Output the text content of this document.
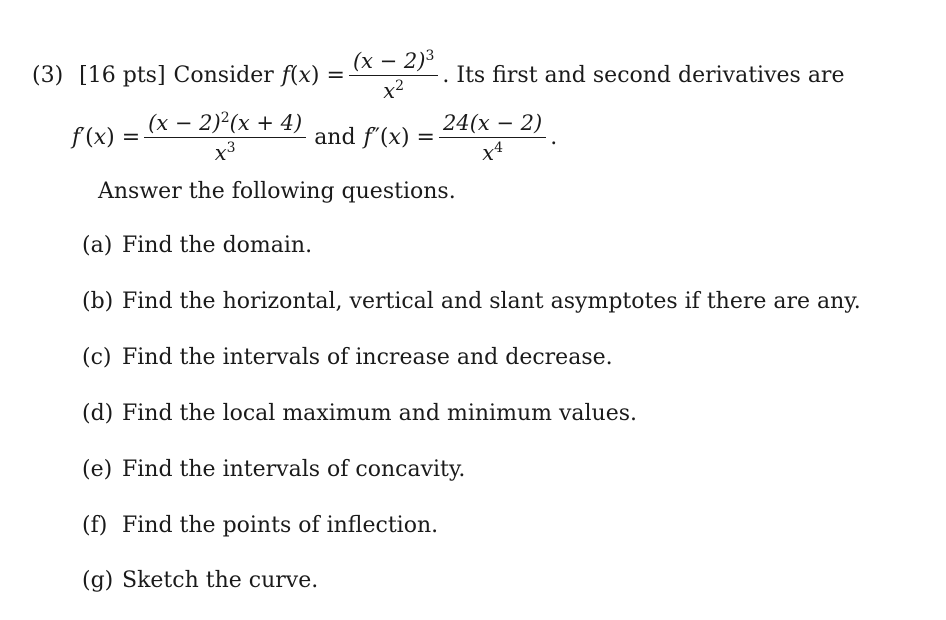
(3) [16 pts] Consider $f(x) = \frac{(x - 2)^3}{x^2}$ . Its first and second derivatives are
$f'(x) = \frac{(x - 2)^2(x + 4)}{x^3}$ and $f''(x) = \frac{24(x - 2)}{x^4}$ .
Answer the following questions.
(a) Find the domain.
(b) Find the horizontal, vertical and slant asymptotes if there are any.
(c) Find the intervals of increase and decrease.
(d) Find the local maximum and minimum values.
(e) Find the intervals of concavity.
(f) Find the points of inflection.
(g) Sketch the curve.
